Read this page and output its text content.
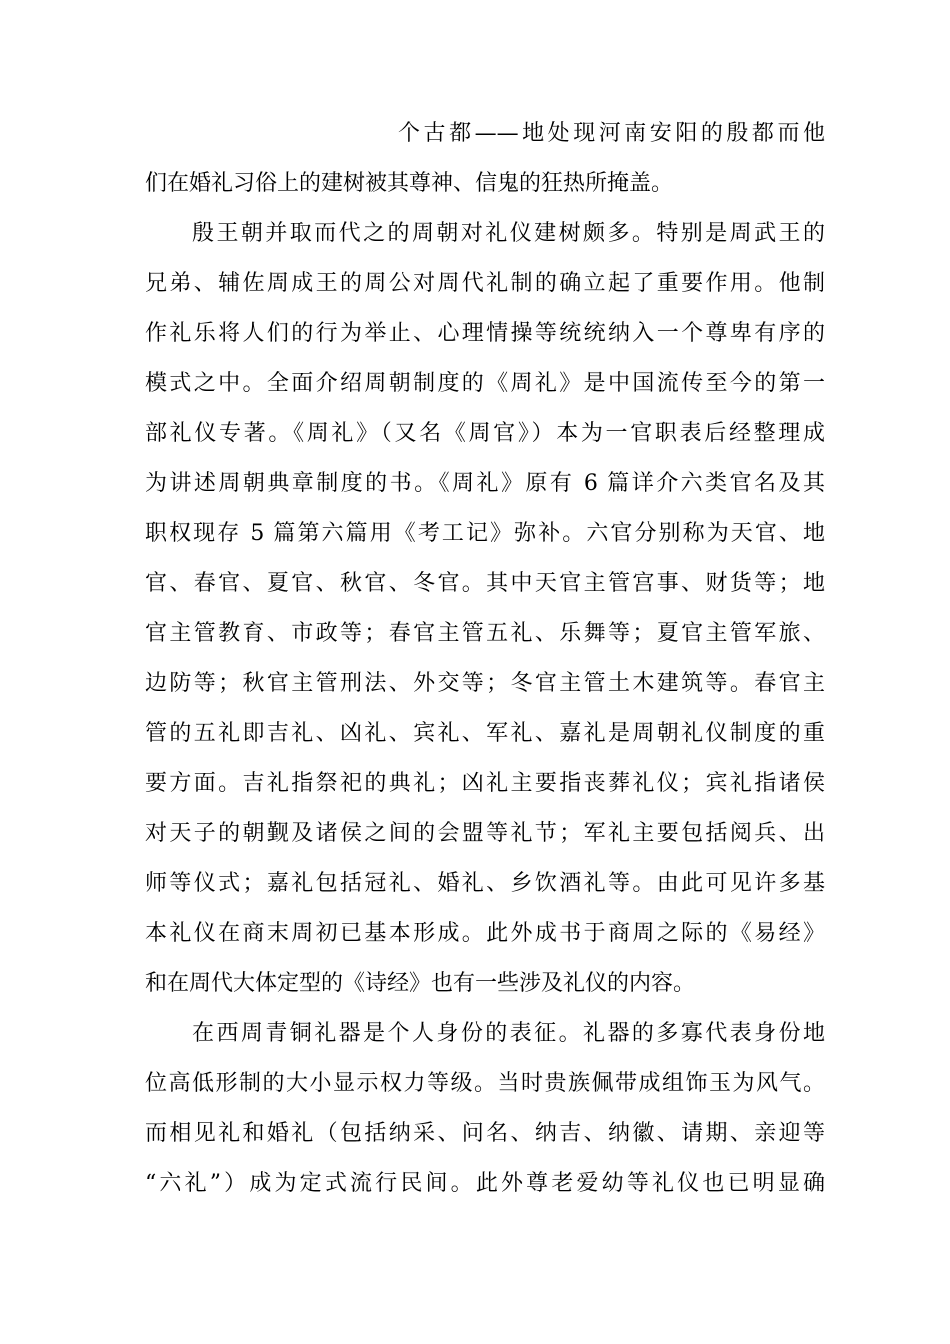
个古都——地处现河南安阳的殷都而他
们在婚礼习俗上的建树被其尊神、信鬼的狂热所掩盖。
殷王朝并取而代之的周朝对礼仪建树颇多。特别是周武王的
兄弟、辅佐周成王的周公对周代礼制的确立起了重要作用。他制
作礼乐将人们的行为举止、心理情操等统统纳入一个尊卑有序的
模式之中。全面介绍周朝制度的《周礼》是中国流传至今的第一
部礼仪专著。《周礼》（又名《周官》）本为一官职表后经整理成
为讲述周朝典章制度的书。《周礼》原有 6 篇详介六类官名及其
职权现存 5 篇第六篇用《考工记》弥补。六官分别称为天官、地
官、春官、夏官、秋官、冬官。其中天官主管宫事、财货等；地
官主管教育、市政等；春官主管五礼、乐舞等；夏官主管军旅、
边防等；秋官主管刑法、外交等；冬官主管土木建筑等。春官主
管的五礼即吉礼、凶礼、宾礼、军礼、嘉礼是周朝礼仪制度的重
要方面。吉礼指祭祀的典礼；凶礼主要指丧葬礼仪；宾礼指诸侯
对天子的朝觐及诸侯之间的会盟等礼节；军礼主要包括阅兵、出
师等仪式；嘉礼包括冠礼、婚礼、乡饮酒礼等。由此可见许多基
本礼仪在商末周初已基本形成。此外成书于商周之际的《易经》
和在周代大体定型的《诗经》也有一些涉及礼仪的内容。
在西周青铜礼器是个人身份的表征。礼器的多寡代表身份地
位高低形制的大小显示权力等级。当时贵族佩带成组饰玉为风气。
而相见礼和婚礼（包括纳采、问名、纳吉、纳徽、请期、亲迎等
“六礼”）成为定式流行民间。此外尊老爱幼等礼仪也已明显确
